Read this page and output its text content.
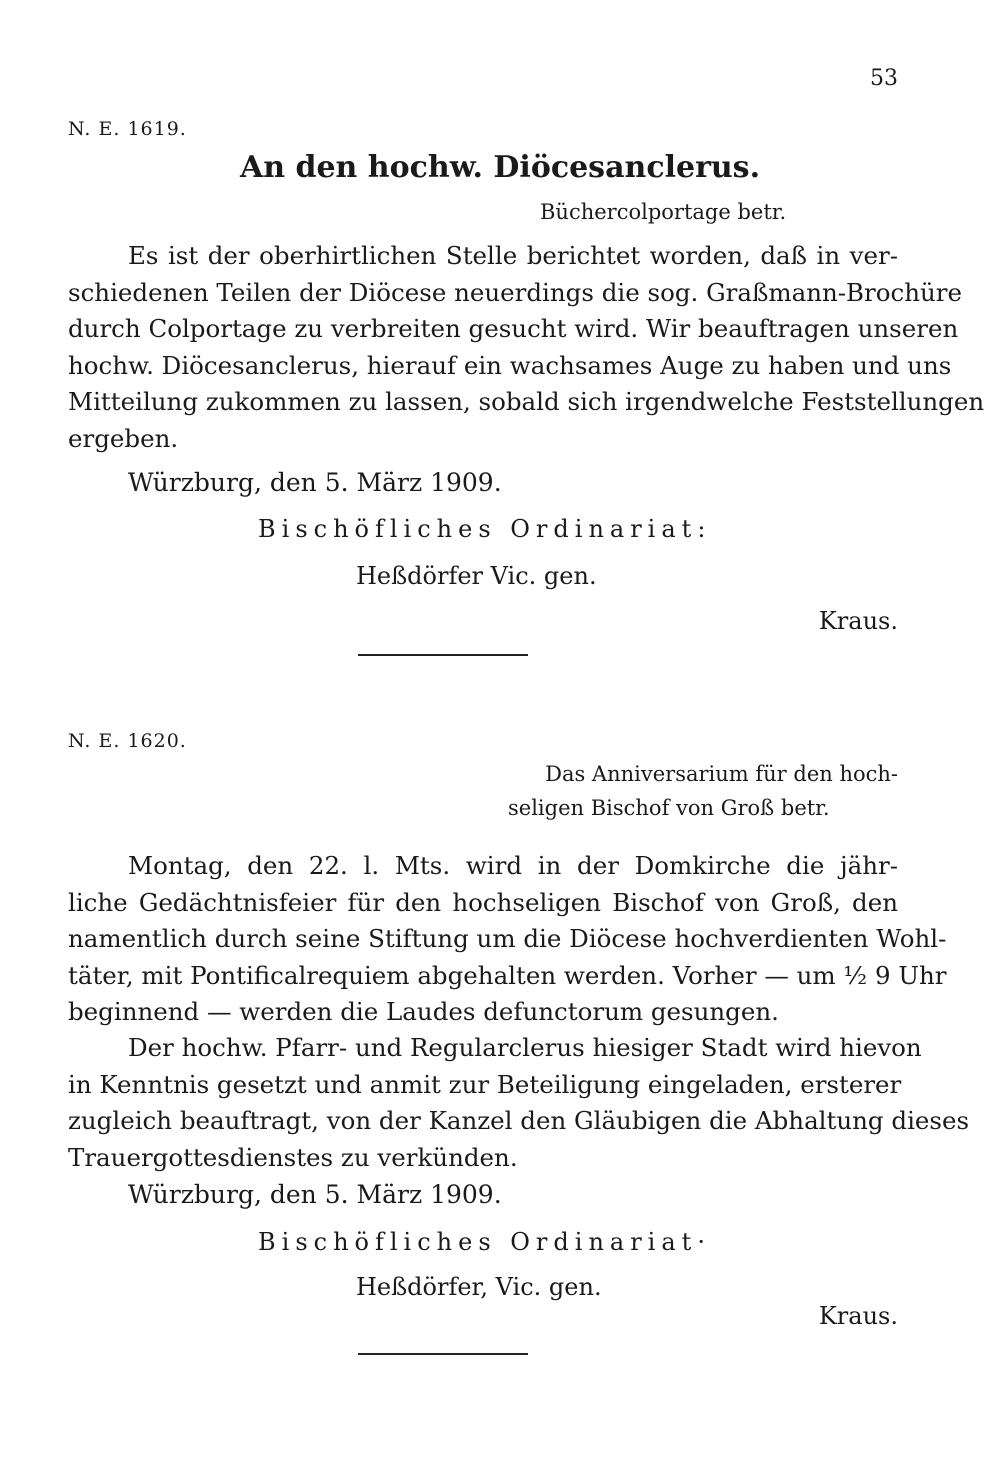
53
N. E. 1619.
An den hochw. Diöcesanclerus.
Büchercolportage betr.
Es ist der oberhirtlichen Stelle berichtet worden, daß in ver-
schiedenen Teilen der Diöcese neuerdings die sog. Graßmann-Brochüre
durch Colportage zu verbreiten gesucht wird. Wir beauftragen unseren
hochw. Diöcesanclerus, hierauf ein wachsames Auge zu haben und uns
Mitteilung zukommen zu lassen, sobald sich irgendwelche Feststellungen
ergeben.
Würzburg, den 5. März 1909.
Bischöfliches Ordinariat:
Heßdörfer Vic. gen.
Kraus.
N. E. 1620.
Das Anniversarium für den hoch-
seligen Bischof von Groß betr.
Montag, den 22. l. Mts. wird in der Domkirche die jähr-
liche Gedächtnisfeier für den hochseligen Bischof von Groß, den
namentlich durch seine Stiftung um die Diöcese hochverdienten Wohl-
täter, mit Pontificalrequiem abgehalten werden. Vorher — um ½ 9 Uhr
beginnend — werden die Laudes defunctorum gesungen.
Der hochw. Pfarr- und Regularclerus hiesiger Stadt wird hievon
in Kenntnis gesetzt und anmit zur Beteiligung eingeladen, ersterer
zugleich beauftragt, von der Kanzel den Gläubigen die Abhaltung dieses
Trauergottesdienstes zu verkünden.
Würzburg, den 5. März 1909.
Bischöfliches Ordinariat·
Heßdörfer, Vic. gen.
Kraus.
